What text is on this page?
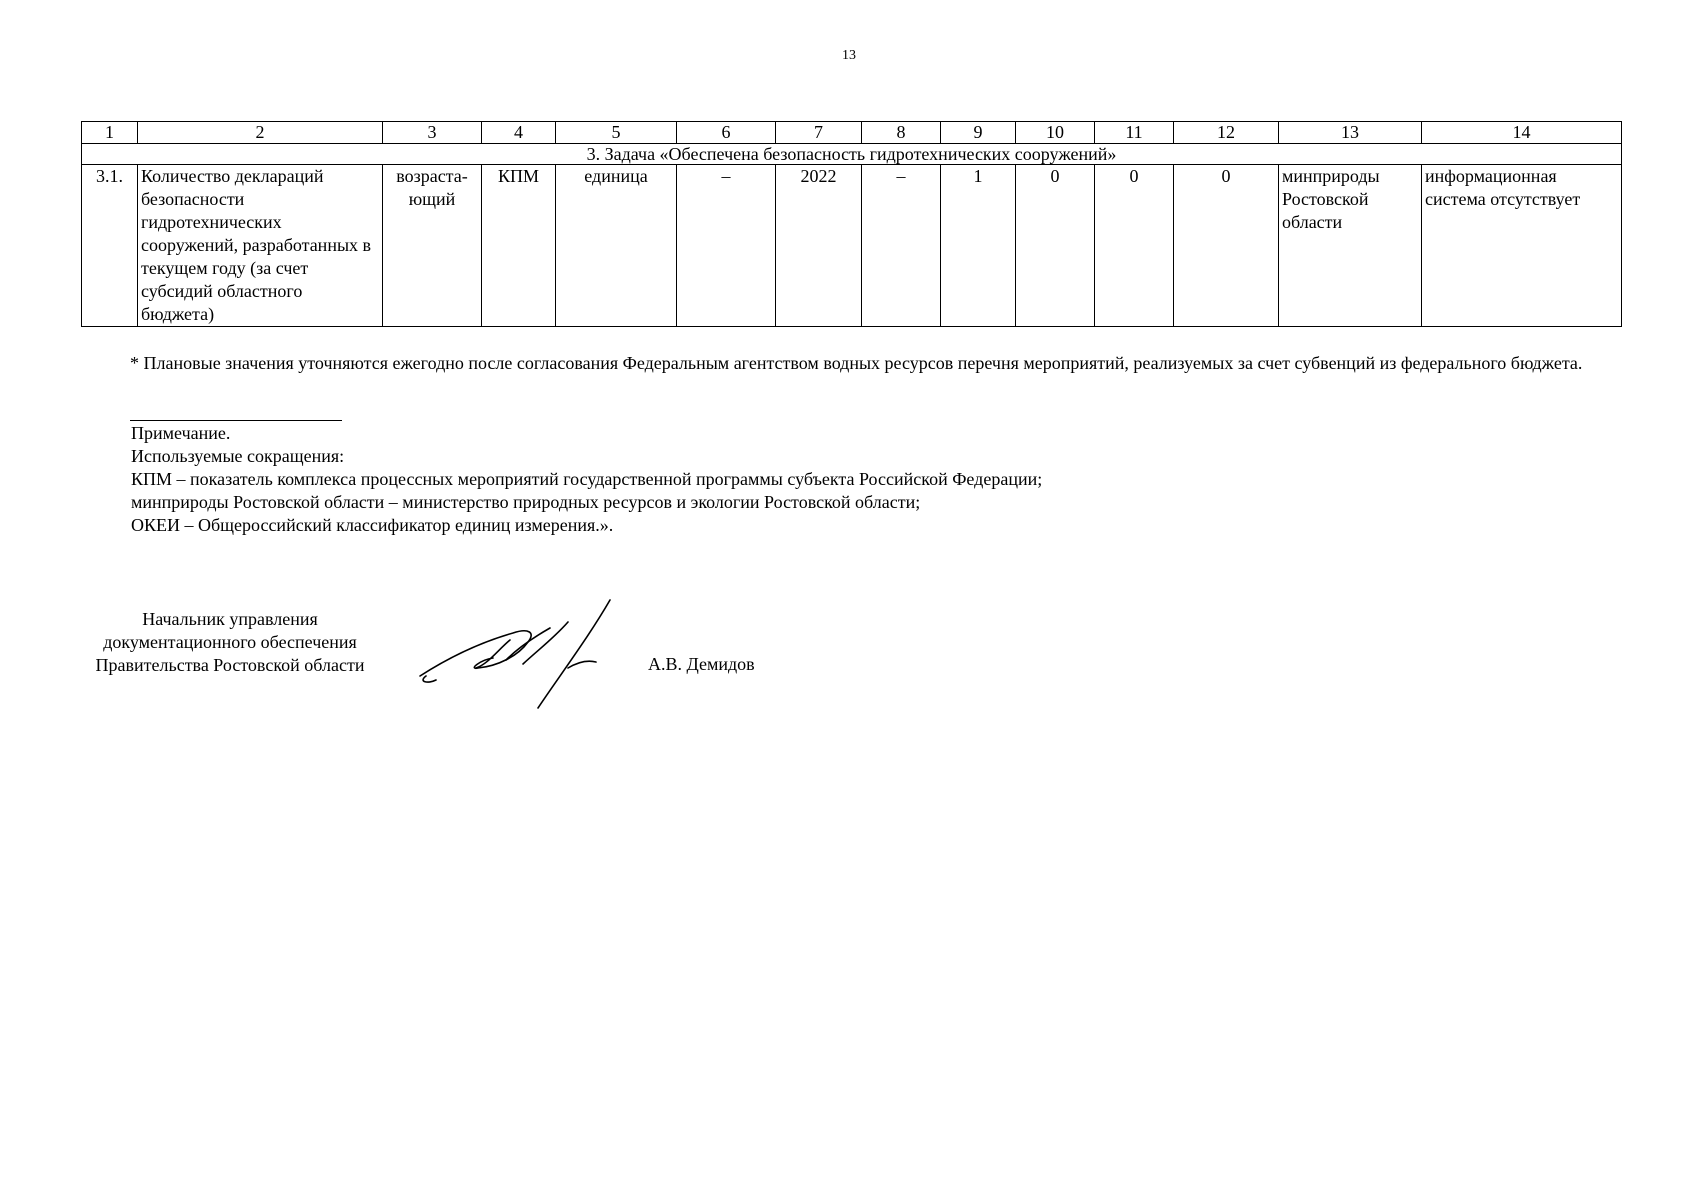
13
1	2	3	4	5	6	7	8	9	10	11	12	13	14
3. Задача «Обеспечена безопасность гидротехнических сооружений»													
3.1.	Количество деклараций безопасности гидротехнических сооружений, разработанных в текущем году (за счет субсидий областного бюджета)	возраста-ющий	КПМ	единица	–	2022	–	1	0	0	0	минприроды Ростовской области	информационная система отсутствует
* Плановые значения уточняются ежегодно после согласования Федеральным агентством водных ресурсов перечня мероприятий, реализуемых за счет субвенций из федерального бюджета.
Примечание.
Используемые сокращения:
КПМ – показатель комплекса процессных мероприятий государственной программы субъекта Российской Федерации;
минприроды Ростовской области – министерство природных ресурсов и экологии Ростовской области;
ОКЕИ – Общероссийский классификатор единиц измерения.».
Начальник управления
документационного обеспечения
Правительства Ростовской области	А.В. Демидов
